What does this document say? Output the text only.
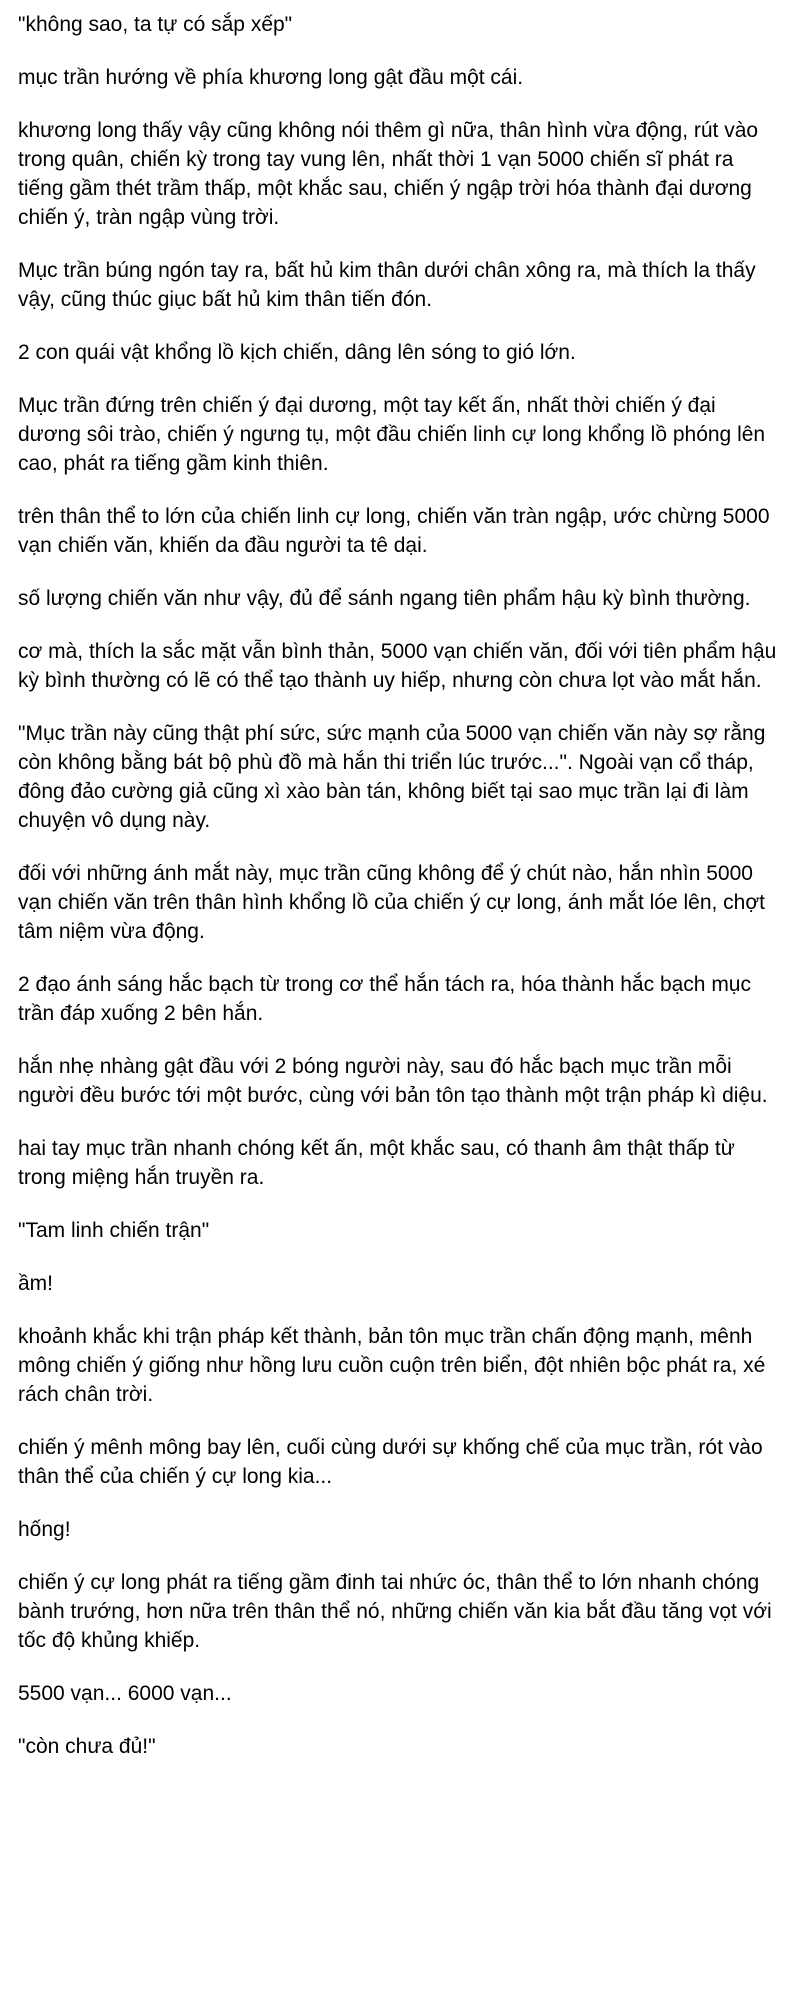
"không sao, ta tự có sắp xếp"

mục trần hướng về phía khương long gật đầu một cái.

khương long thấy vậy cũng không nói thêm gì nữa, thân hình vừa động, rút vào trong quân, chiến kỳ trong tay vung lên, nhất thời 1 vạn 5000 chiến sĩ phát ra tiếng gầm thét trầm thấp, một khắc sau, chiến ý ngập trời hóa thành đại dương chiến ý, tràn ngập vùng trời.

Mục trần búng ngón tay ra, bất hủ kim thân dưới chân xông ra, mà thích la thấy vậy, cũng thúc giục bất hủ kim thân tiến đón.

2 con quái vật khổng lồ kịch chiến, dâng lên sóng to gió lớn.

Mục trần đứng trên chiến ý đại dương, một tay kết ấn, nhất thời chiến ý đại dương sôi trào, chiến ý ngưng tụ, một đầu chiến linh cự long khổng lồ phóng lên cao, phát ra tiếng gầm kinh thiên.

trên thân thể to lớn của chiến linh cự long, chiến văn tràn ngập, ước chừng 5000 vạn chiến văn, khiến da đầu người ta tê dại.

số lượng chiến văn như vậy, đủ để sánh ngang tiên phẩm hậu kỳ bình thường.

cơ mà, thích la sắc mặt vẫn bình thản, 5000 vạn chiến văn, đối với tiên phẩm hậu kỳ bình thường có lẽ có thể tạo thành uy hiếp, nhưng còn chưa lọt vào mắt hắn.

"Mục trần này cũng thật phí sức, sức mạnh của 5000 vạn chiến văn này sợ rằng còn không bằng bát bộ phù đồ mà hắn thi triển lúc trước...". Ngoài vạn cổ tháp, đông đảo cường giả cũng xì xào bàn tán, không biết tại sao mục trần lại đi làm chuyện vô dụng này.

đối với những ánh mắt này, mục trần cũng không để ý chút nào, hắn nhìn 5000 vạn chiến văn trên thân hình khổng lồ của chiến ý cự long, ánh mắt lóe lên, chợt tâm niệm vừa động.

2 đạo ánh sáng hắc bạch từ trong cơ thể hắn tách ra, hóa thành hắc bạch mục trần đáp xuống 2 bên hắn.

hắn nhẹ nhàng gật đầu với 2 bóng người này, sau đó hắc bạch mục trần mỗi người đều bước tới một bước, cùng với bản tôn tạo thành một trận pháp kì diệu.

hai tay mục trần nhanh chóng kết ấn, một khắc sau, có thanh âm thật thấp từ trong miệng hắn truyền ra.

"Tam linh chiến trận"

ầm!

khoảnh khắc khi trận pháp kết thành, bản tôn mục trần chấn động mạnh, mênh mông chiến ý giống như hồng lưu cuồn cuộn trên biển, đột nhiên bộc phát ra, xé rách chân trời.

chiến ý mênh mông bay lên, cuối cùng dưới sự khống chế của mục trần, rót vào thân thể của chiến ý cự long kia...

hống!

chiến ý cự long phát ra tiếng gầm đinh tai nhức óc, thân thể to lớn nhanh chóng bành trướng, hơn nữa trên thân thể nó, những chiến văn kia bắt đầu tăng vọt với tốc độ khủng khiếp.

5500 vạn... 6000 vạn...

"còn chưa đủ!"
